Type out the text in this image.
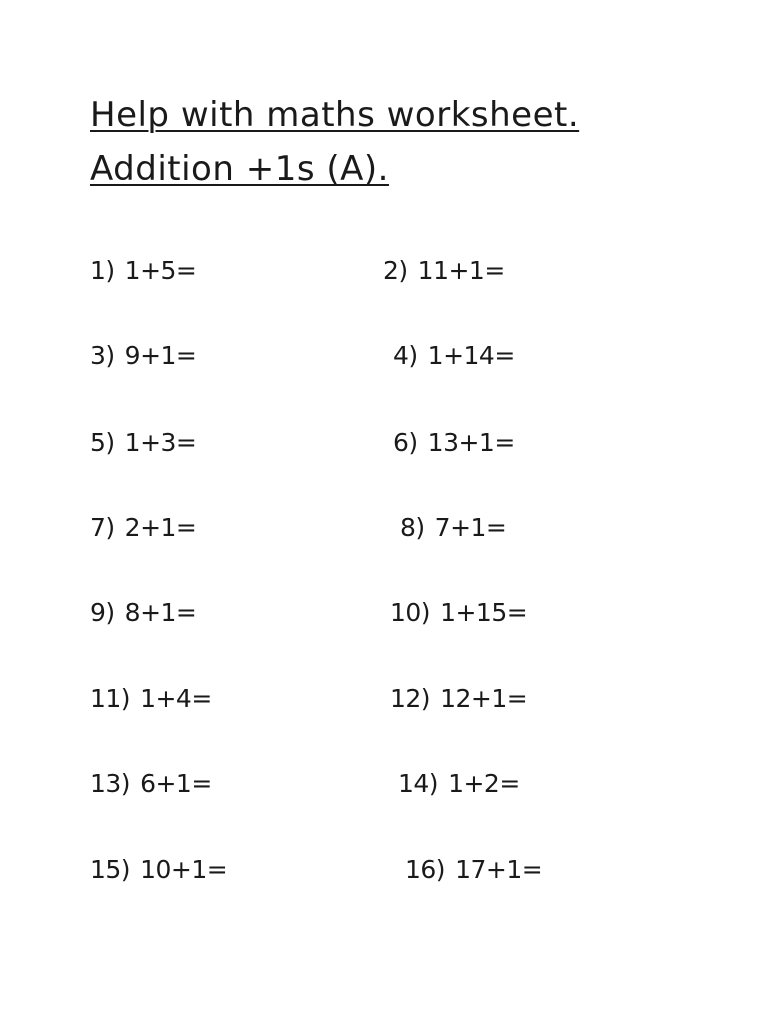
Help with maths worksheet.
Addition +1s (A).
1) 1+5=	2) 11+1=
3) 9+1=	4) 1+14=
5) 1+3=	6) 13+1=
7) 2+1=	8) 7+1=
9) 8+1=	10) 1+15=
11) 1+4=	12) 12+1=
13) 6+1=	14) 1+2=
15) 10+1=	16) 17+1=
